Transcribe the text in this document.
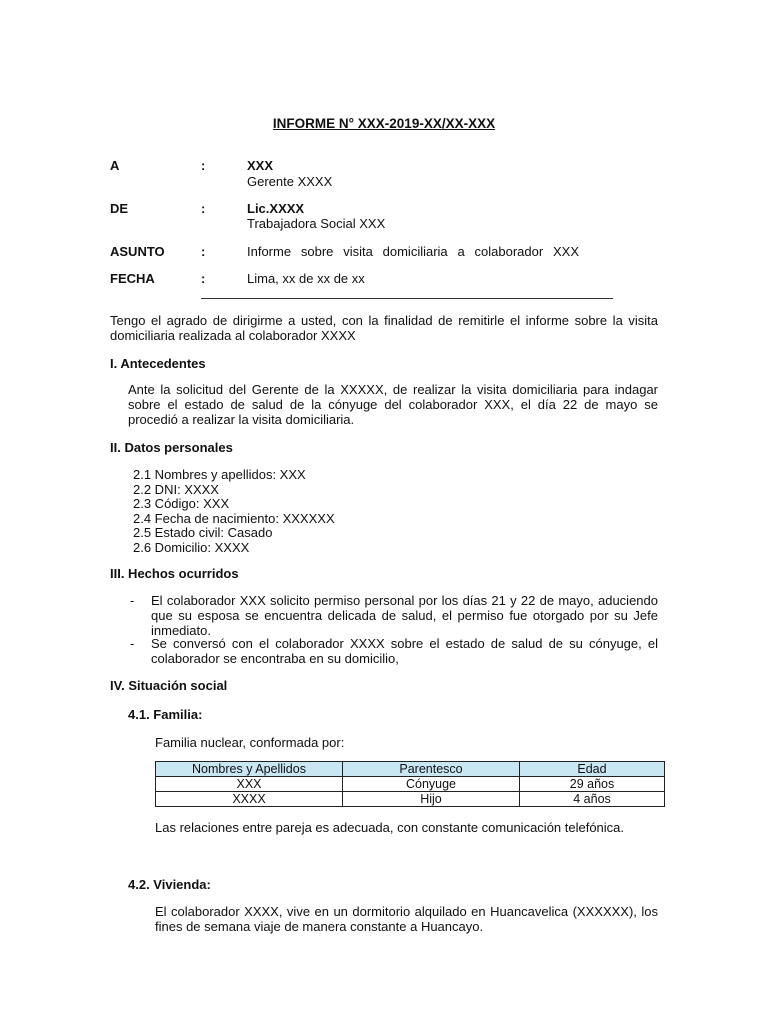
INFORME N° XXX-2019-XX/XX-XXX
A	:	XXX
Gerente XXXX
DE	:	Lic.XXXX
Trabajadora Social XXX
ASUNTO	:	Informe sobre visita domiciliaria a colaborador XXX
FECHA	:	Lima, xx de xx de xx
Tengo el agrado de dirigirme a usted, con la finalidad de remitirle el informe sobre la visita domiciliaria realizada al colaborador XXXX
I. Antecedentes
Ante la solicitud del Gerente de la XXXXX, de realizar la visita domiciliaria para indagar sobre el estado de salud de la cónyuge del colaborador XXX, el día 22 de mayo se procedió a realizar la visita domiciliaria.
II. Datos personales
2.1 Nombres y apellidos: XXX
2.2 DNI: XXXX
2.3 Código: XXX
2.4 Fecha de nacimiento: XXXXXX
2.5 Estado civil: Casado
2.6 Domicilio: XXXX
III. Hechos ocurridos
- El colaborador XXX solicito permiso personal por los días 21 y 22 de mayo, aduciendo que su esposa se encuentra delicada de salud, el permiso fue otorgado por su Jefe inmediato.
- Se conversó con el colaborador XXXX sobre el estado de salud de su cónyuge, el colaborador se encontraba en su domicilio,
IV. Situación social
4.1. Familia:
Familia nuclear, conformada por:
Nombres y Apellidos	Parentesco	Edad
XXX	Cónyuge	29 años
XXXX	Hijo	4 años
Las relaciones entre pareja es adecuada, con constante comunicación telefónica.
4.2. Vivienda:
El colaborador XXXX, vive en un dormitorio alquilado en Huancavelica (XXXXXX), los fines de semana viaje de manera constante a Huancayo.
